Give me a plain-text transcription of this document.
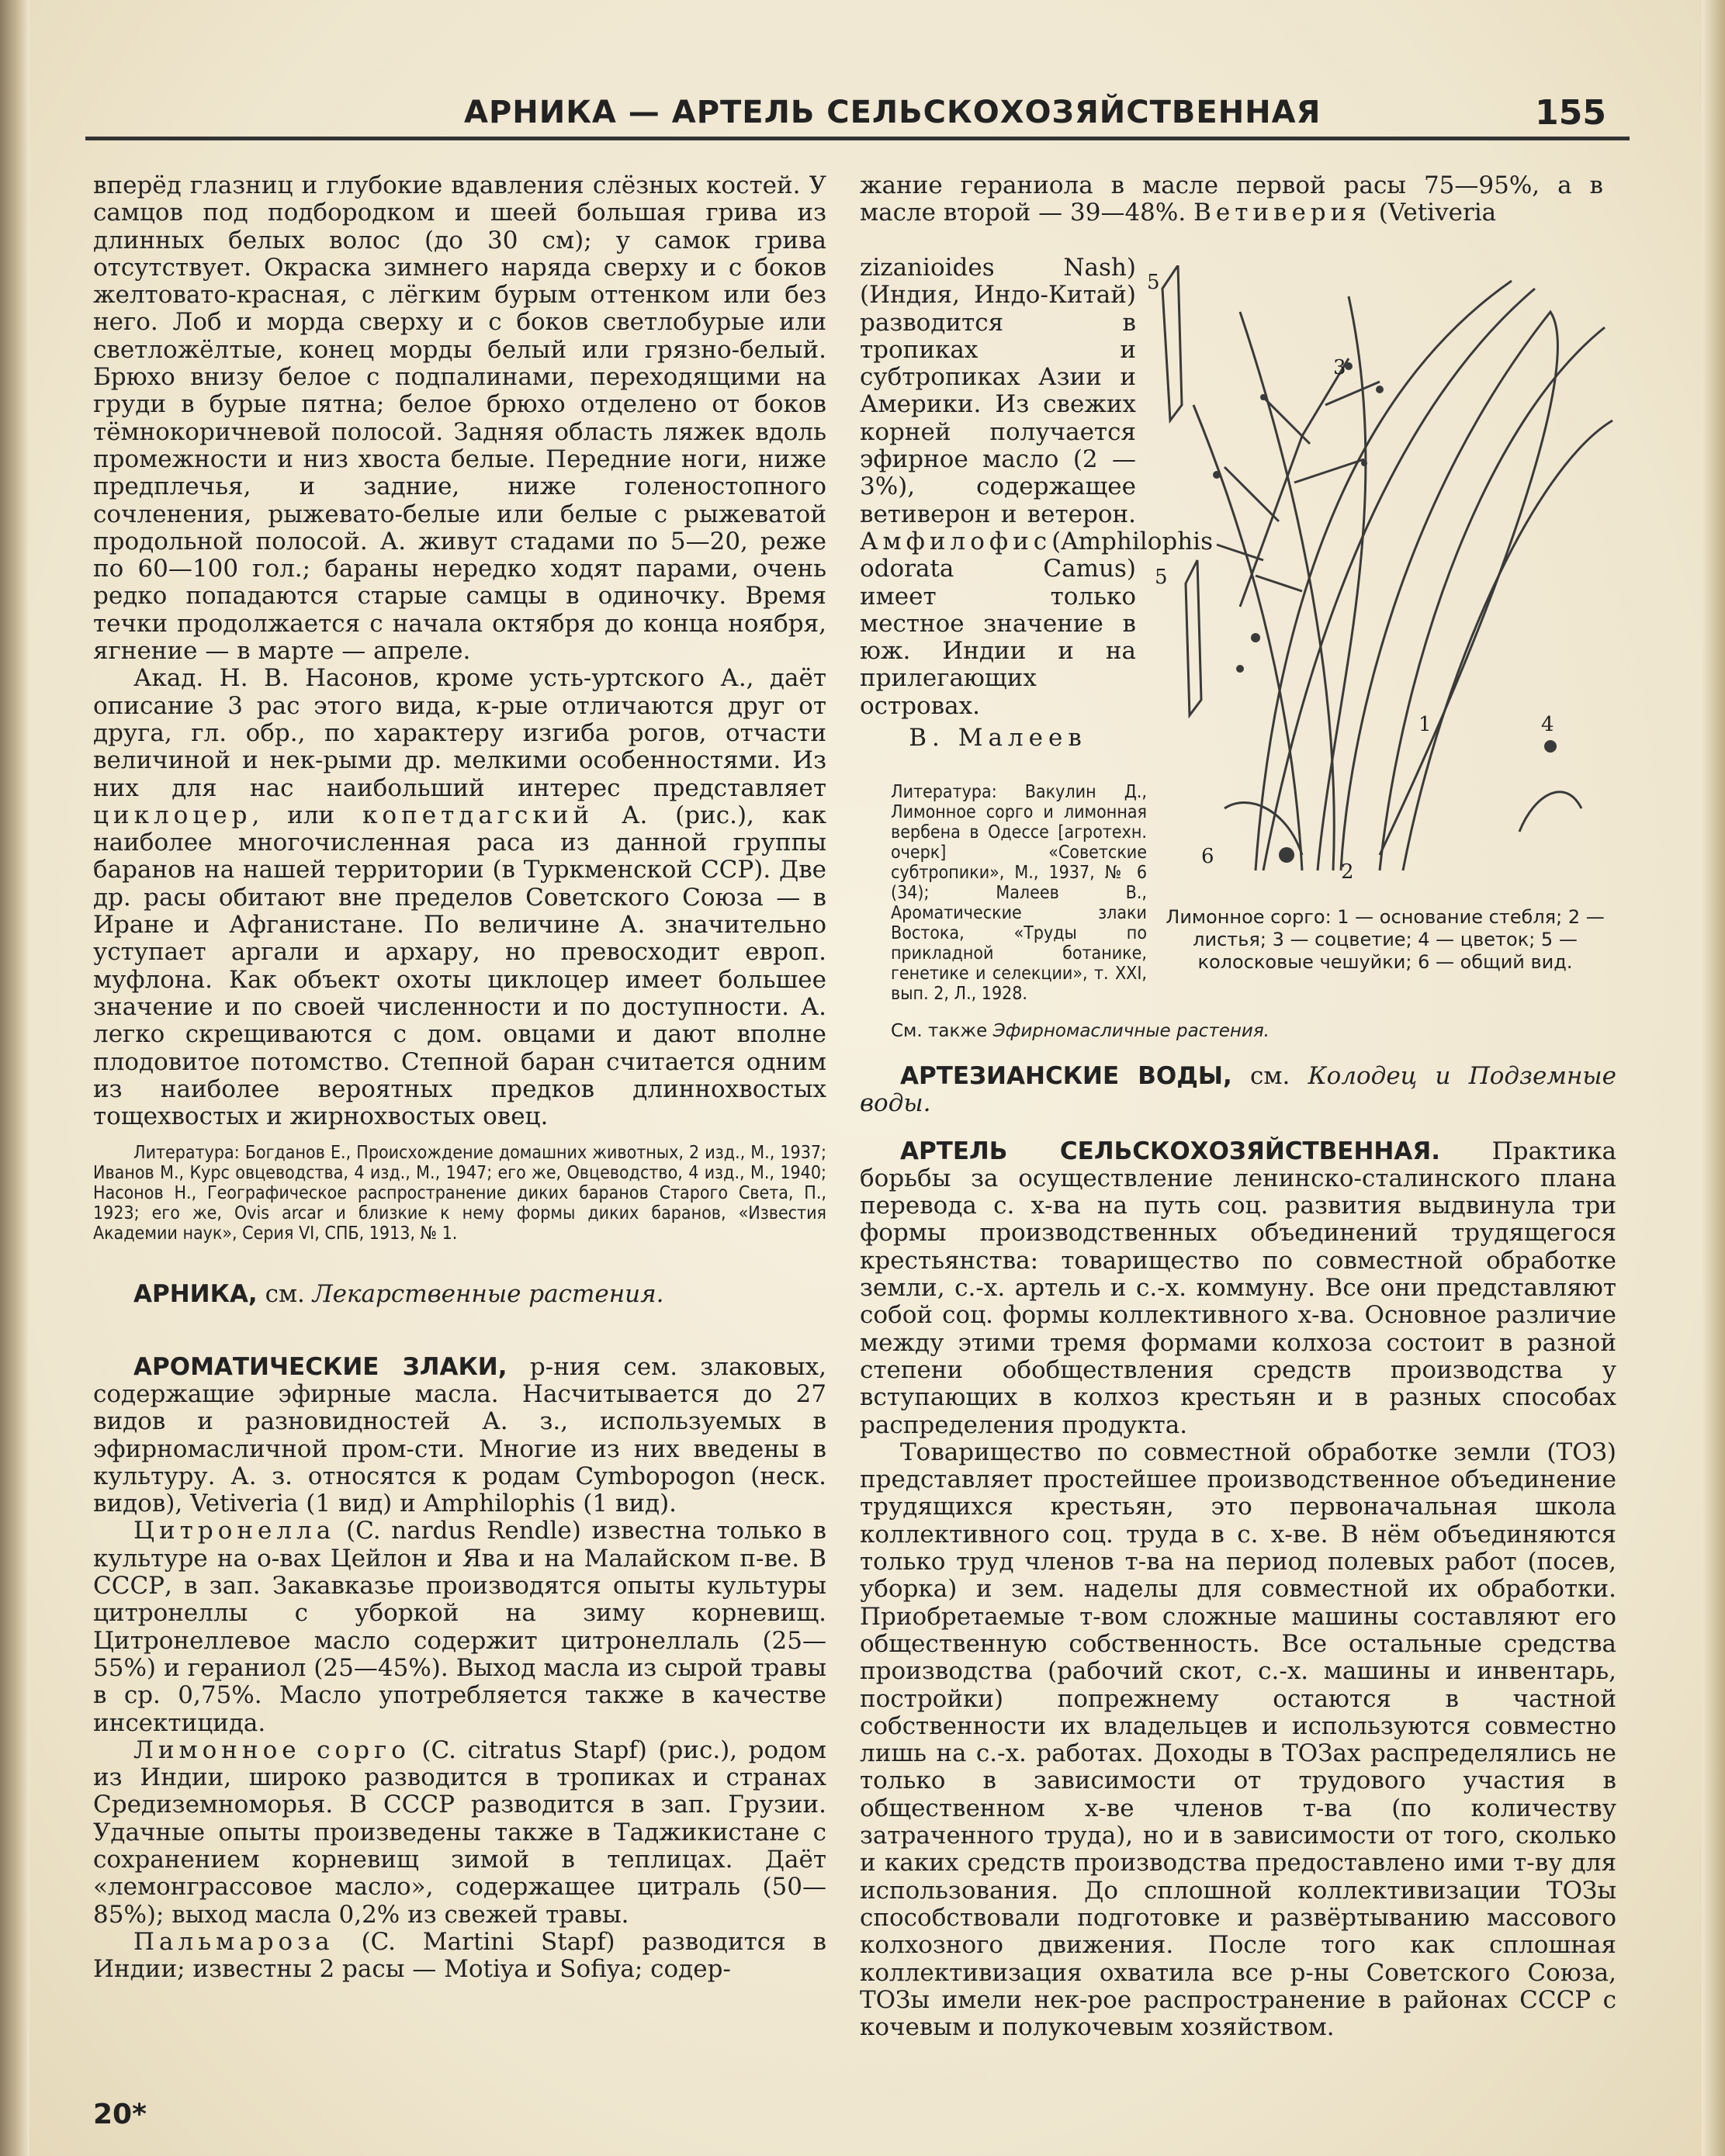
АРНИКА — АРТЕЛЬ СЕЛЬСКОХОЗЯЙСТВЕННАЯ	155

вперёд глазниц и глубокие вдавления слёзных костей. У самцов под подбородком и шеей большая грива из длинных белых волос (до 30 см); у самок грива отсутствует. Окраска зимнего наряда сверху и с боков желтовато-красная, с лёгким бурым оттенком или без него. Лоб и морда сверху и с боков светлобурые или светложёлтые, конец морды белый или грязно-белый. Брюхо внизу белое с подпалинами, переходящими на груди в бурые пятна; белое брюхо отделено от боков тёмнокоричневой полосой. Задняя область ляжек вдоль промежности и низ хвоста белые. Передние ноги, ниже предплечья, и задние, ниже голеностопного сочленения, рыжевато-белые или белые с рыжеватой продольной полосой. А. живут стадами по 5—20, реже по 60—100 гол.; бараны нередко ходят парами, очень редко попадаются старые самцы в одиночку. Время течки продолжается с начала октября до конца ноября, ягнение — в марте — апреле.

Акад. Н. В. Насонов, кроме усть-уртского А., даёт описание 3 рас этого вида, к-рые отличаются друг от друга, гл. обр., по характеру изгиба рогов, отчасти величиной и нек-рыми др. мелкими особенностями. Из них для нас наибольший интерес представляет циклоцер, или копетдагский А. (рис.), как наиболее многочисленная раса из данной группы баранов на нашей территории (в Туркменской ССР). Две др. расы обитают вне пределов Советского Союза — в Иране и Афганистане. По величине А. значительно уступает аргали и архару, но превосходит европ. муфлона. Как объект охоты циклоцер имеет большее значение и по своей численности и по доступности. А. легко скрещиваются с дом. овцами и дают вполне плодовитое потомство. Степной баран считается одним из наиболее вероятных предков длиннохвостых тощехвостых и жирнохвостых овец.

Литература: Богданов Е., Происхождение домашних животных, 2 изд., М., 1937; Иванов М., Курс овцеводства, 4 изд., М., 1947; его же, Овцеводство, 4 изд., М., 1940; Насонов Н., Географическое распространение диких баранов Старого Света, П., 1923; его же, Ovis arcar и близкие к нему формы диких баранов, «Известия Академии наук», Серия VI, СПБ, 1913, № 1.

АРНИКА, см. Лекарственные растения.

АРОМАТИЧЕСКИЕ ЗЛАКИ, р-ния сем. злаковых, содержащие эфирные масла. Насчитывается до 27 видов и разновидностей А. з., используемых в эфирномасличной пром-сти. Многие из них введены в культуру. А. з. относятся к родам Cymbopogon (неск. видов), Vetiveria (1 вид) и Amphilophis (1 вид).

Цитронелла (C. nardus Rendle) известна только в культуре на о-вах Цейлон и Ява и на Малайском п-ве. В СССР, в зап. Закавказье производятся опыты культуры цитронеллы с уборкой на зиму корневищ. Цитронеллевое масло содержит цитронеллаль (25—55%) и гераниол (25—45%). Выход масла из сырой травы в ср. 0,75%. Масло употребляется также в качестве инсектицида.

Лимонное сорго (C. citratus Stapf) (рис.), родом из Индии, широко разводится в тропиках и странах Средиземноморья. В СССР разводится в зап. Грузии. Удачные опыты произведены также в Таджикистане с сохранением корневищ зимой в теплицах. Даёт «лемонграссовое масло», содержащее цитраль (50—85%); выход масла 0,2% из свежей травы.

Пальмароза (C. Martini Stapf) разводится в Индии; известны 2 расы — Motiya и Sofiya; содер-

жание гераниола в масле первой расы 75—95%, а в масле второй — 39—48%. Ветиверия (Vetiveria

zizanioides Nash) (Индия, Индо-Китай) разводится в тропиках и субтропиках Азии и Америки. Из свежих корней получается эфирное масло (2 — 3%), содержащее ветиверон и ветерон. Амфилофис(Amphilophis odorata Camus) имеет только местное значение в юж. Индии и на прилегающих островах.

В. Малеев

Литература: Вакулин Д., Лимонное сорго и лимонная вербена в Одессе [агротехн. очерк] «Советские субтропики», М., 1937, № 6 (34); Малеев В., Ароматические злаки Востока, «Труды по прикладной ботанике, генетике и селекции», т. XXI, вып. 2, Л., 1928.

См. также Эфирномасличные растения.
5
3
5
1	4
6
2
Лимонное сорго: 1 — основание стебля; 2 — листья; 3 — соцветие; 4 — цветок; 5 — колосковые чешуйки; 6 — общий вид.

АРТЕЗИАНСКИЕ ВОДЫ, см. Колодец и Подземные воды.

АРТЕЛЬ СЕЛЬСКОХОЗЯЙСТВЕННАЯ. Практика борьбы за осуществление ленинско-сталинского плана перевода с. х-ва на путь соц. развития выдвинула три формы производственных объединений трудящегося крестьянства: товарищество по совместной обработке земли, с.-х. артель и с.-х. коммуну. Все они представляют собой соц. формы коллективного х-ва. Основное различие между этими тремя формами колхоза состоит в разной степени обобществления средств производства у вступающих в колхоз крестьян и в разных способах распределения продукта.

Товарищество по совместной обработке земли (ТОЗ) представляет простейшее производственное объединение трудящихся крестьян, это первоначальная школа коллективного соц. труда в с. х-ве. В нём объединяются только труд членов т-ва на период полевых работ (посев, уборка) и зем. наделы для совместной их обработки. Приобретаемые т-вом сложные машины составляют его общественную собственность. Все остальные средства производства (рабочий скот, с.-х. машины и инвентарь, постройки) попрежнему остаются в частной собственности их владельцев и используются совместно лишь на с.-х. работах. Доходы в ТОЗах распределялись не только в зависимости от трудового участия в общественном х-ве членов т-ва (по количеству затраченного труда), но и в зависимости от того, сколько и каких средств производства предоставлено ими т-ву для использования. До сплошной коллективизации ТОЗы способствовали подготовке и развёртыванию массового колхозного движения. После того как сплошная коллективизация охватила все р-ны Советского Союза, ТОЗы имели нек-рое распространение в районах СССР с кочевым и полукочевым хозяйством.

20*
